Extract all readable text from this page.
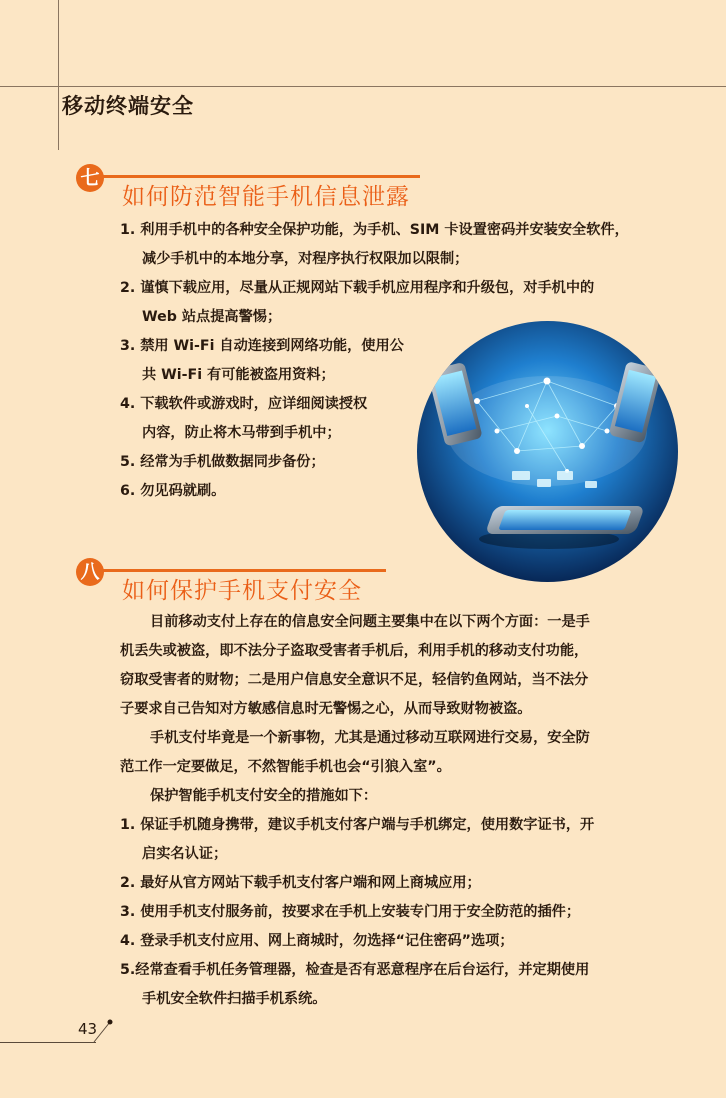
移动终端安全
七
如何防范智能手机信息泄露
1. 利用手机中的各种安全保护功能，为手机、SIM 卡设置密码并安装安全软件，
减少手机中的本地分享，对程序执行权限加以限制；
2. 谨慎下载应用，尽量从正规网站下载手机应用程序和升级包，对手机中的
Web 站点提高警惕；
3. 禁用 Wi-Fi 自动连接到网络功能，使用公
共 Wi-Fi 有可能被盗用资料；
4. 下载软件或游戏时，应详细阅读授权
内容，防止将木马带到手机中；
5. 经常为手机做数据同步备份；
6. 勿见码就刷。
八
如何保护手机支付安全
目前移动支付上存在的信息安全问题主要集中在以下两个方面：一是手
机丢失或被盗，即不法分子盗取受害者手机后，利用手机的移动支付功能，
窃取受害者的财物；二是用户信息安全意识不足，轻信钓鱼网站，当不法分
子要求自己告知对方敏感信息时无警惕之心，从而导致财物被盗。
手机支付毕竟是一个新事物，尤其是通过移动互联网进行交易，安全防
范工作一定要做足，不然智能手机也会“引狼入室”。
保护智能手机支付安全的措施如下：
1. 保证手机随身携带，建议手机支付客户端与手机绑定，使用数字证书，开
启实名认证；
2. 最好从官方网站下载手机支付客户端和网上商城应用；
3. 使用手机支付服务前，按要求在手机上安装专门用于安全防范的插件；
4. 登录手机支付应用、网上商城时，勿选择“记住密码”选项；
5.经常查看手机任务管理器，检查是否有恶意程序在后台运行，并定期使用
手机安全软件扫描手机系统。
43
